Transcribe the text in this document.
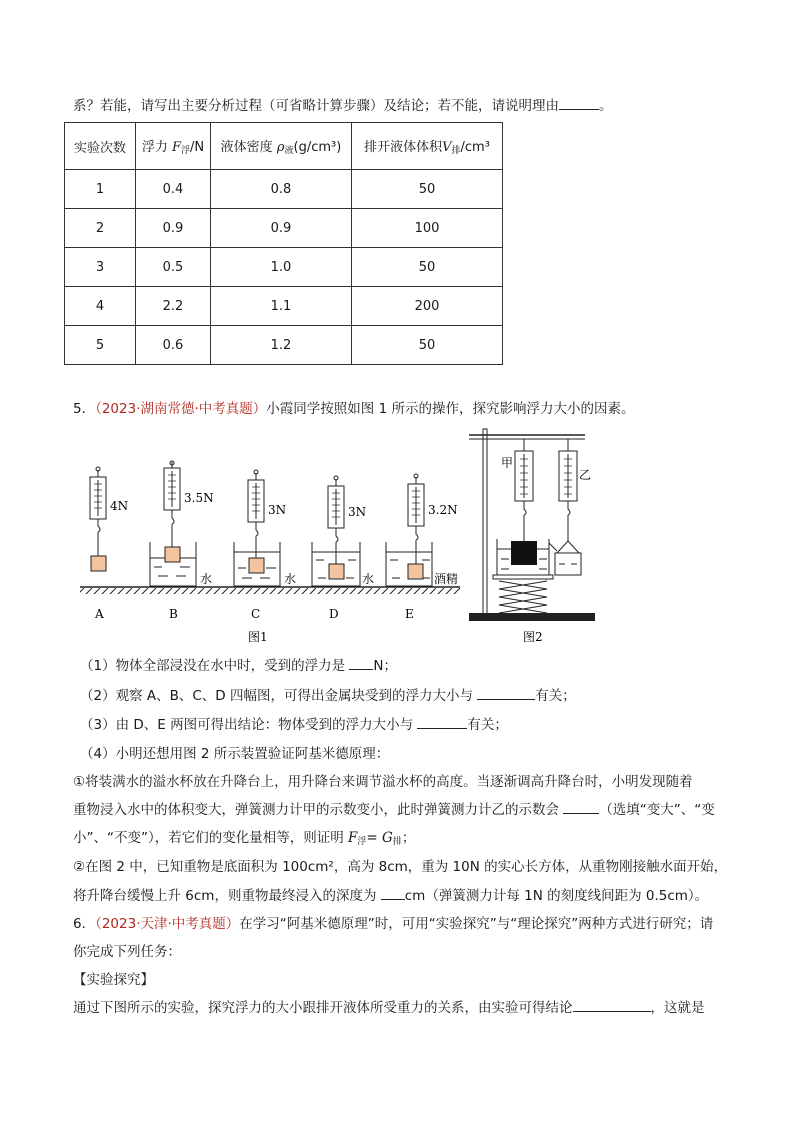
系？若能，请写出主要分析过程（可省略计算步骤）及结论；若不能，请说明理由	。
实验次数	浮力 $F_浮/N$	液体密度 $\rho_液(g/cm^3)$	排开液体体积$V_排$/cm³
1	0.4	0.8	50
2	0.9	0.9	100
3	0.5	1.0	50
4	2.2	1.1	200
5	0.6	1.2	50
5．（2023·湖南常德·中考真题）小霞同学按照如图 1 所示的操作，探究影响浮力大小的因素。
4N
A
3.5N
水
B
3N
水
C
3N
水
D
3.2N
酒精
E
图1
甲
乙
图2
（1）物体全部浸没在水中时，受到的浮力是 N；
（2）观察 A、B、C、D 四幅图，可得出金属块受到的浮力大小与	有关；
（3）由 D、E 两图可得出结论：物体受到的浮力大小与	有关；
（4）小明还想用图 2 所示装置验证阿基米德原理：
①将装满水的溢水杯放在升降台上，用升降台来调节溢水杯的高度。当逐渐调高升降台时，小明发现随着
重物浸入水中的体积变大，弹簧测力计甲的示数变小，此时弹簧测力计乙的示数会	（选填“变大”、“变
小”、“不变”），若它们的变化量相等，则证明 $F_浮= G_排$；
②在图 2 中，已知重物是底面积为 100cm²，高为 8cm，重为 10N 的实心长方体，从重物刚接触水面开始，
将升降台缓慢上升 6cm，则重物最终浸入的深度为 cm（弹簧测力计每 1N 的刻度线间距为 0.5cm）。
6．（2023·天津·中考真题）在学习“阿基米德原理”时，可用“实验探究”与“理论探究”两种方式进行研究；请
你完成下列任务：
【实验探究】
通过下图所示的实验，探究浮力的大小跟排开液体所受重力的关系，由实验可得结论	，这就是
